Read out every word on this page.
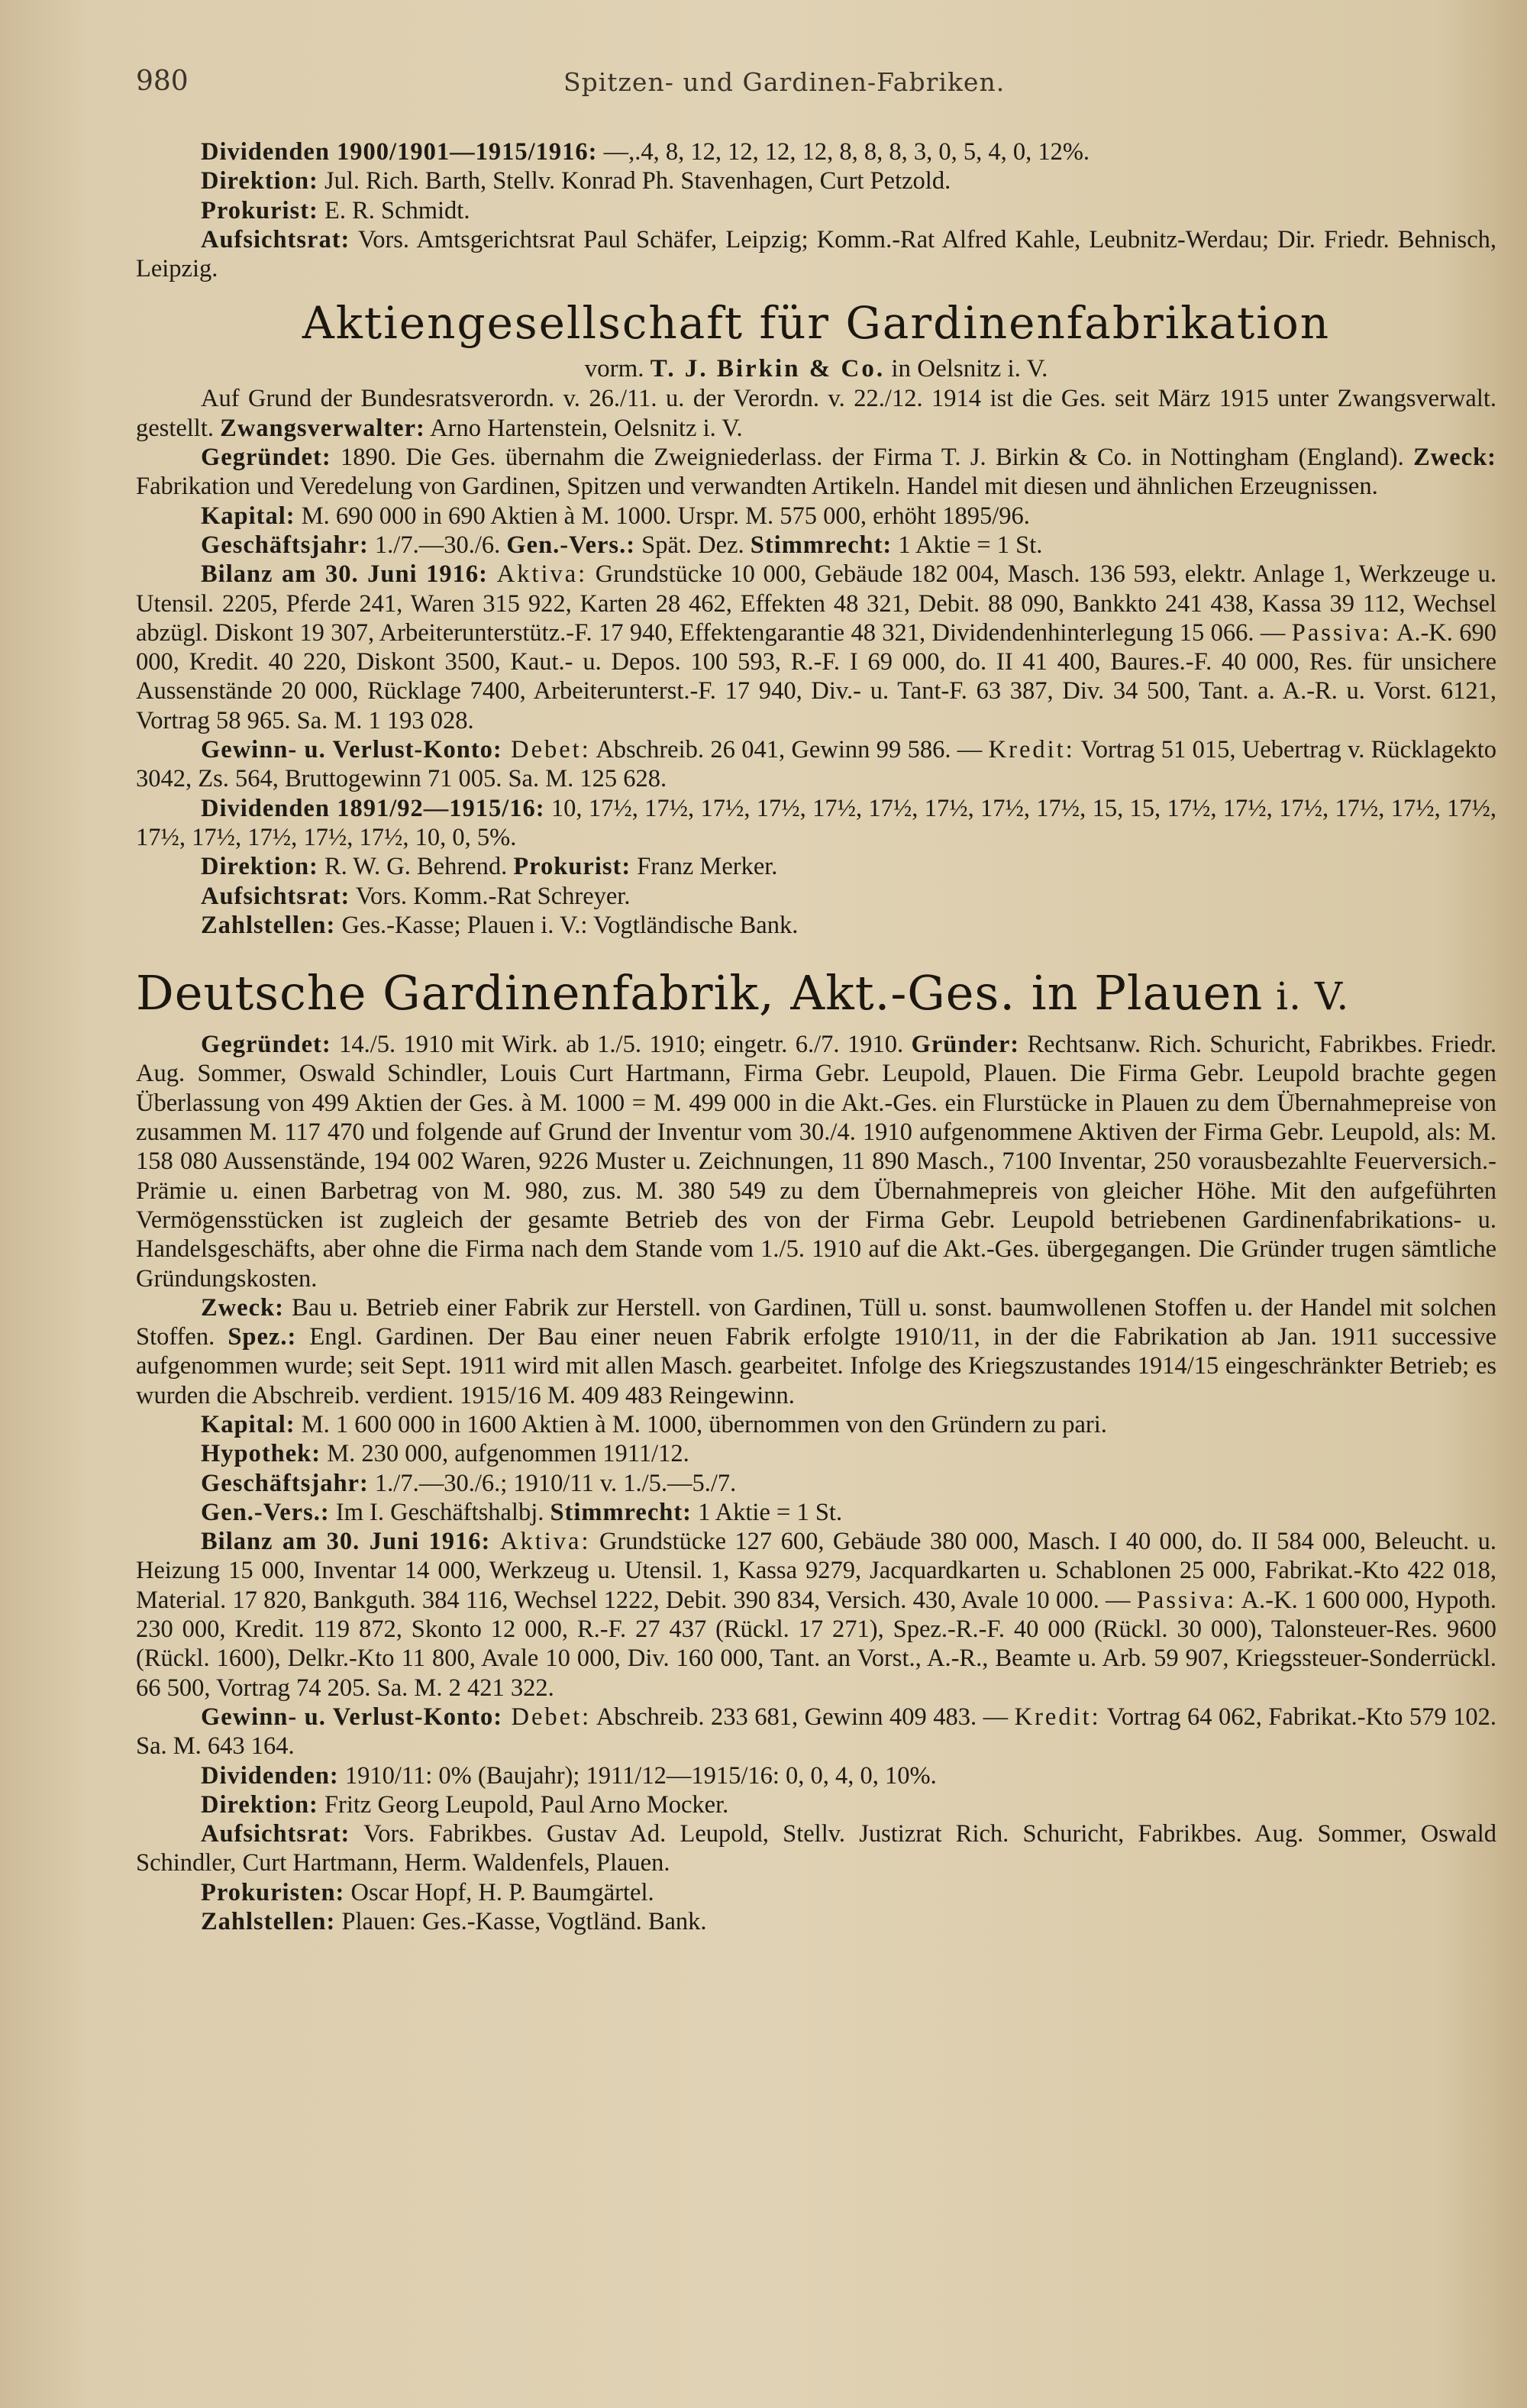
980	Spitzen- und Gardinen-Fabriken.

Dividenden 1900/1901—1915/1916: —,.4, 8, 12, 12, 12, 12, 8, 8, 8, 3, 0, 5, 4, 0, 12%.

Direktion: Jul. Rich. Barth, Stellv. Konrad Ph. Stavenhagen, Curt Petzold.

Prokurist: E. R. Schmidt.

Aufsichtsrat: Vors. Amtsgerichtsrat Paul Schäfer, Leipzig; Komm.-Rat Alfred Kahle, Leubnitz-Werdau; Dir. Friedr. Behnisch, Leipzig.

Aktiengesellschaft für Gardinenfabrikation
vorm. T. J. Birkin & Co. in Oelsnitz i. V.

Auf Grund der Bundesratsverordn. v. 26./11. u. der Verordn. v. 22./12. 1914 ist die Ges. seit März 1915 unter Zwangsverwalt. gestellt. Zwangsverwalter: Arno Hartenstein, Oelsnitz i. V.

Gegründet: 1890. Die Ges. übernahm die Zweigniederlass. der Firma T. J. Birkin & Co. in Nottingham (England). Zweck: Fabrikation und Veredelung von Gardinen, Spitzen und verwandten Artikeln. Handel mit diesen und ähnlichen Erzeugnissen.

Kapital: M. 690 000 in 690 Aktien à M. 1000. Urspr. M. 575 000, erhöht 1895/96.

Geschäftsjahr: 1./7.—30./6. Gen.-Vers.: Spät. Dez. Stimmrecht: 1 Aktie = 1 St.

Bilanz am 30. Juni 1916: Aktiva: Grundstücke 10 000, Gebäude 182 004, Masch. 136 593, elektr. Anlage 1, Werkzeuge u. Utensil. 2205, Pferde 241, Waren 315 922, Karten 28 462, Effekten 48 321, Debit. 88 090, Bankkto 241 438, Kassa 39 112, Wechsel abzügl. Diskont 19 307, Arbeiterunterstütz.-F. 17 940, Effektengarantie 48 321, Dividendenhinterlegung 15 066. — Passiva: A.-K. 690 000, Kredit. 40 220, Diskont 3500, Kaut.- u. Depos. 100 593, R.-F. I 69 000, do. II 41 400, Baures.-F. 40 000, Res. für unsichere Aussenstände 20 000, Rücklage 7400, Arbeiterunterst.-F. 17 940, Div.- u. Tant-F. 63 387, Div. 34 500, Tant. a. A.-R. u. Vorst. 6121, Vortrag 58 965. Sa. M. 1 193 028.

Gewinn- u. Verlust-Konto: Debet: Abschreib. 26 041, Gewinn 99 586. — Kredit: Vortrag 51 015, Uebertrag v. Rücklagekto 3042, Zs. 564, Bruttogewinn 71 005. Sa. M. 125 628.

Dividenden 1891/92—1915/16: 10, 17½, 17½, 17½, 17½, 17½, 17½, 17½, 17½, 17½, 15, 15, 17½, 17½, 17½, 17½, 17½, 17½, 17½, 17½, 17½, 17½, 17½, 10, 0, 5%.

Direktion: R. W. G. Behrend. Prokurist: Franz Merker.

Aufsichtsrat: Vors. Komm.-Rat Schreyer.

Zahlstellen: Ges.-Kasse; Plauen i. V.: Vogtländische Bank.

Deutsche Gardinenfabrik, Akt.-Ges. in Plauen i. V.

Gegründet: 14./5. 1910 mit Wirk. ab 1./5. 1910; eingetr. 6./7. 1910. Gründer: Rechtsanw. Rich. Schuricht, Fabrikbes. Friedr. Aug. Sommer, Oswald Schindler, Louis Curt Hartmann, Firma Gebr. Leupold, Plauen. Die Firma Gebr. Leupold brachte gegen Überlassung von 499 Aktien der Ges. à M. 1000 = M. 499 000 in die Akt.-Ges. ein Flurstücke in Plauen zu dem Übernahmepreise von zusammen M. 117 470 und folgende auf Grund der Inventur vom 30./4. 1910 aufgenommene Aktiven der Firma Gebr. Leupold, als: M. 158 080 Aussenstände, 194 002 Waren, 9226 Muster u. Zeichnungen, 11 890 Masch., 7100 Inventar, 250 vorausbezahlte Feuerversich.-Prämie u. einen Barbetrag von M. 980, zus. M. 380 549 zu dem Übernahmepreis von gleicher Höhe. Mit den aufgeführten Vermögensstücken ist zugleich der gesamte Betrieb des von der Firma Gebr. Leupold betriebenen Gardinenfabrikations- u. Handelsgeschäfts, aber ohne die Firma nach dem Stande vom 1./5. 1910 auf die Akt.-Ges. übergegangen. Die Gründer trugen sämtliche Gründungskosten.

Zweck: Bau u. Betrieb einer Fabrik zur Herstell. von Gardinen, Tüll u. sonst. baumwollenen Stoffen u. der Handel mit solchen Stoffen. Spez.: Engl. Gardinen. Der Bau einer neuen Fabrik erfolgte 1910/11, in der die Fabrikation ab Jan. 1911 successive aufgenommen wurde; seit Sept. 1911 wird mit allen Masch. gearbeitet. Infolge des Kriegszustandes 1914/15 eingeschränkter Betrieb; es wurden die Abschreib. verdient. 1915/16 M. 409 483 Reingewinn.

Kapital: M. 1 600 000 in 1600 Aktien à M. 1000, übernommen von den Gründern zu pari.

Hypothek: M. 230 000, aufgenommen 1911/12.

Geschäftsjahr: 1./7.—30./6.; 1910/11 v. 1./5.—5./7.

Gen.-Vers.: Im I. Geschäftshalbj. Stimmrecht: 1 Aktie = 1 St.

Bilanz am 30. Juni 1916: Aktiva: Grundstücke 127 600, Gebäude 380 000, Masch. I 40 000, do. II 584 000, Beleucht. u. Heizung 15 000, Inventar 14 000, Werkzeug u. Utensil. 1, Kassa 9279, Jacquardkarten u. Schablonen 25 000, Fabrikat.-Kto 422 018, Material. 17 820, Bankguth. 384 116, Wechsel 1222, Debit. 390 834, Versich. 430, Avale 10 000. — Passiva: A.-K. 1 600 000, Hypoth. 230 000, Kredit. 119 872, Skonto 12 000, R.-F. 27 437 (Rückl. 17 271), Spez.-R.-F. 40 000 (Rückl. 30 000), Talonsteuer-Res. 9600 (Rückl. 1600), Delkr.-Kto 11 800, Avale 10 000, Div. 160 000, Tant. an Vorst., A.-R., Beamte u. Arb. 59 907, Kriegssteuer-Sonderrückl. 66 500, Vortrag 74 205. Sa. M. 2 421 322.

Gewinn- u. Verlust-Konto: Debet: Abschreib. 233 681, Gewinn 409 483. — Kredit: Vortrag 64 062, Fabrikat.-Kto 579 102. Sa. M. 643 164.

Dividenden: 1910/11: 0% (Baujahr); 1911/12—1915/16: 0, 0, 4, 0, 10%.

Direktion: Fritz Georg Leupold, Paul Arno Mocker.

Aufsichtsrat: Vors. Fabrikbes. Gustav Ad. Leupold, Stellv. Justizrat Rich. Schuricht, Fabrikbes. Aug. Sommer, Oswald Schindler, Curt Hartmann, Herm. Waldenfels, Plauen.

Prokuristen: Oscar Hopf, H. P. Baumgärtel.

Zahlstellen: Plauen: Ges.-Kasse, Vogtländ. Bank.
